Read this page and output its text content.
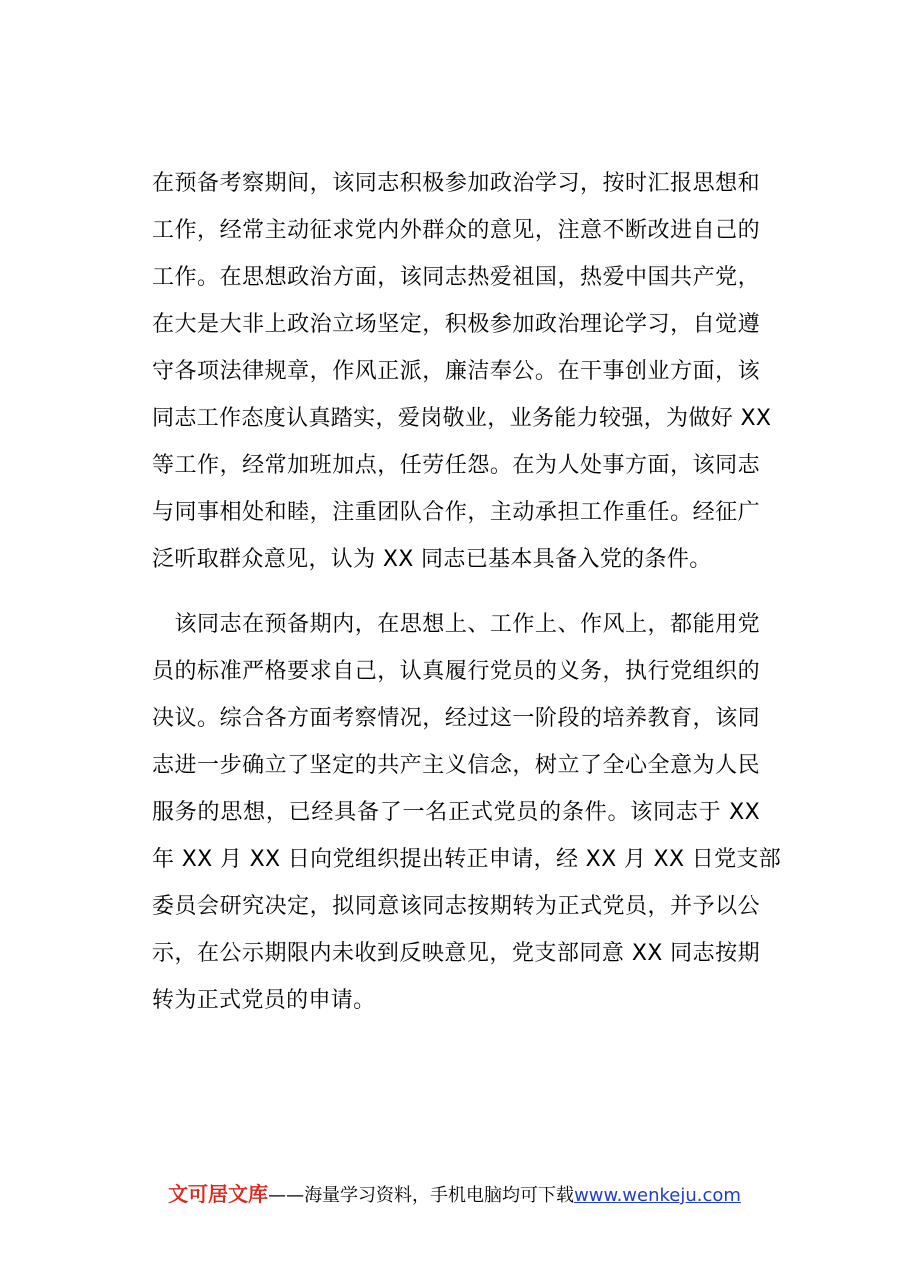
在预备考察期间，该同志积极参加政治学习，按时汇报思想和
工作，经常主动征求党内外群众的意见，注意不断改进自己的
工作。在思想政治方面，该同志热爱祖国，热爱中国共产党，
在大是大非上政治立场坚定，积极参加政治理论学习，自觉遵
守各项法律规章，作风正派，廉洁奉公。在干事创业方面，该
同志工作态度认真踏实，爱岗敬业，业务能力较强，为做好 XX
等工作，经常加班加点，任劳任怨。在为人处事方面，该同志
与同事相处和睦，注重团队合作，主动承担工作重任。经征广
泛听取群众意见，认为 XX 同志已基本具备入党的条件。
　该同志在预备期内，在思想上、工作上、作风上，都能用党
员的标准严格要求自己，认真履行党员的义务，执行党组织的
决议。综合各方面考察情况，经过这一阶段的培养教育，该同
志进一步确立了坚定的共产主义信念，树立了全心全意为人民
服务的思想，已经具备了一名正式党员的条件。该同志于 XX
年 XX 月 XX 日向党组织提出转正申请，经 XX 月 XX 日党支部
委员会研究决定，拟同意该同志按期转为正式党员，并予以公
示，在公示期限内未收到反映意见，党支部同意 XX 同志按期
转为正式党员的申请。
文可居文库——海量学习资料，手机电脑均可下载www.wenkeju.com
